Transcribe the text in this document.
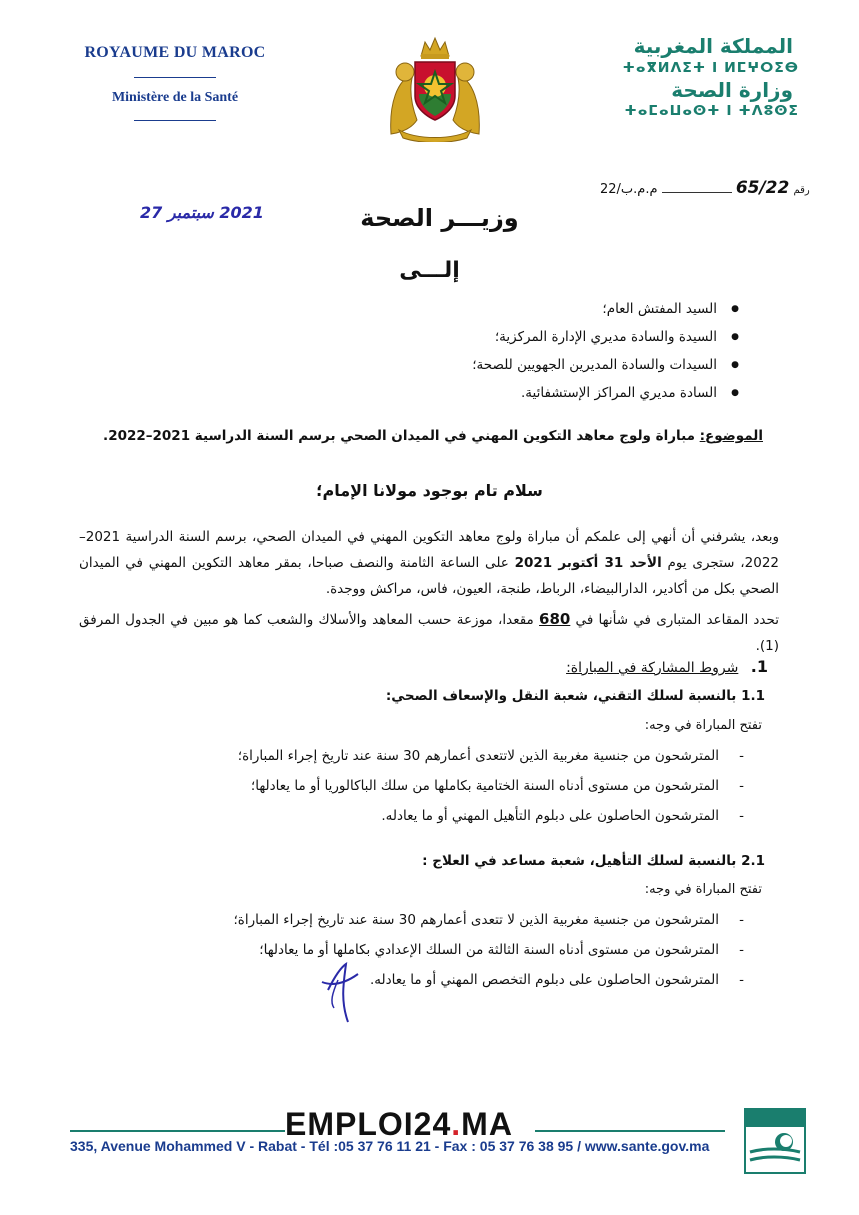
ROYAUME DU MAROC
Ministère de la Santé
المملكة المغربية
ⵜⴰⴳⵍⴷⵉⵜ ⵏ ⵍⵎⵖⵔⵉⴱ
وزارة الصحة
ⵜⴰⵎⴰⵡⴰⵙⵜ ⵏ ⵜⴷⵓⵙⵉ
رقم 65/22  م.م.ب/22
2021 سبتمبر 27	وزيـــر الصحة
إلـــى
● السيد المفتش العام؛
● السيدة والسادة مديري الإدارة المركزية؛
● السيدات والسادة المديرين الجهويين للصحة؛
● السادة مديري المراكز الإستشفائية.
الموضوع: مباراة ولوج معاهد التكوين المهني في الميدان الصحي برسم السنة الدراسية 2021–2022.
سلام تام بوجود مولانا الإمام؛
وبعد، يشرفني أن أنهي إلى علمكم أن مباراة ولوج معاهد التكوين المهني في الميدان الصحي، برسم السنة الدراسية 2021–2022، ستجرى يوم الأحد 31 أكتوبر 2021 على الساعة الثامنة والنصف صباحا، بمقر معاهد التكوين المهني في الميدان الصحي بكل من أكادير، الدارالبيضاء، الرباط، طنجة، العيون، فاس، مراكش ووجدة.
تحدد المقاعد المتبارى في شأنها في 680 مقعدا، موزعة حسب المعاهد والأسلاك والشعب كما هو مبين في الجدول المرفق (1).
1. شروط المشاركة في المباراة:
1.1 بالنسبة لسلك التقني، شعبة النقل والإسعاف الصحي:
تفتح المباراة في وجه:
- المترشحون من جنسية مغربية الذين لاتتعدى أعمارهم 30 سنة عند تاريخ إجراء المباراة؛
- المترشحون من مستوى أدناه السنة الختامية بكاملها من سلك الباكالوريا أو ما يعادلها؛
- المترشحون الحاصلون على دبلوم التأهيل المهني أو ما يعادله.
2.1 بالنسبة لسلك التأهيل، شعبة مساعد في العلاج :
تفتح المباراة في وجه:
- المترشحون من جنسية مغربية الذين لا تتعدى أعمارهم 30 سنة عند تاريخ إجراء المباراة؛
- المترشحون من مستوى أدناه السنة الثالثة من السلك الإعدادي بكاملها أو ما يعادلها؛
- المترشحون الحاصلون على دبلوم التخصص المهني أو ما يعادله.
EMPLOI24.MA
335, Avenue Mohammed V - Rabat - Tél :05 37 76 11 21 - Fax : 05 37 76 38 95 / www.sante.gov.ma
